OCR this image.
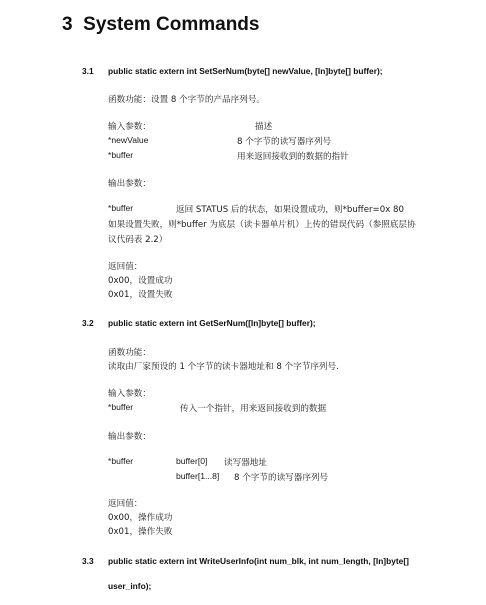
3 System Commands
3.1 public static extern int SetSerNum(byte[] newValue, [In]byte[] buffer);
函数功能：设置 8 个字节的产品序列号。
输入参数：	描述
*newValue	8 个字节的读写器序列号
*buffer	用来返回接收到的数据的指针
输出参数：
*buffer	返回 STATUS 后的状态，如果设置成功，则*buffer=0x 80
如果设置失败，则*buffer 为底层（读卡器单片机）上传的错误代码（参照底层协
议代码表 2.2）
返回值：
0x00，设置成功
0x01，设置失败
3.2 public static extern int GetSerNum([In]byte[] buffer);
函数功能：
读取由厂家预设的 1 个字节的读卡器地址和 8 个字节序列号.
输入参数：
*buffer	传入一个指针，用来返回接收到的数据
输出参数：
*buffer	buffer[0] 读写器地址
buffer[1...8] 8 个字节的读写器序列号
返回值：
0x00，操作成功
0x01，操作失败
3.3 public static extern int WriteUserInfo(int num_blk, int num_length, [In]byte[]
user_info);
